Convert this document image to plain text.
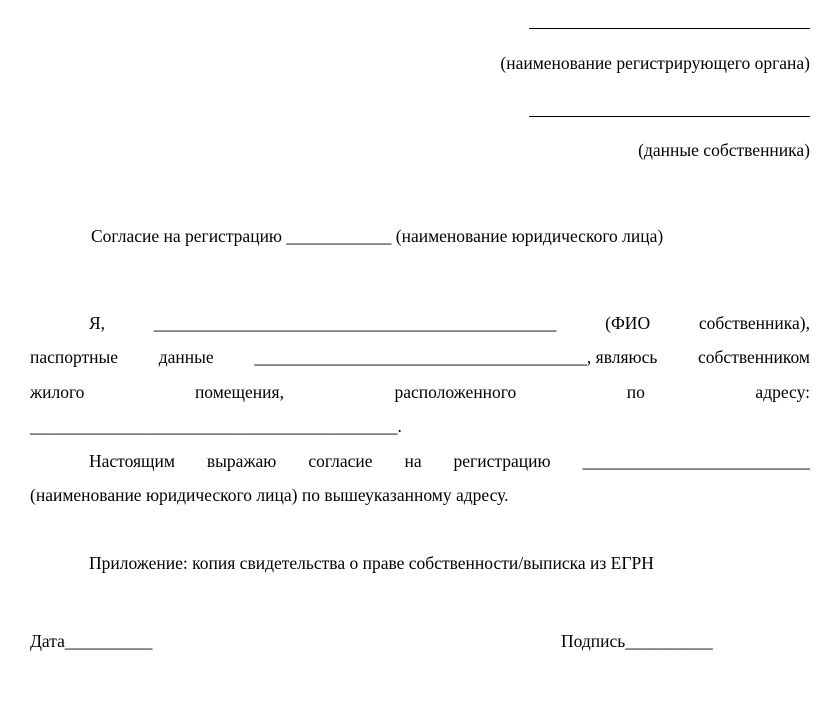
(наименование регистрирующего органа)
(данные собственника)
Согласие на регистрацию ____________ (наименование юридического лица)
Я,	______________________________________________	(ФИО	собственника),
паспортные данные ______________________________________, являюсь собственником
жилого	помещения,	расположенного	по	адресу:
__________________________________________.
Настоящим выражаю согласие на регистрацию __________________________
(наименование юридического лица) по вышеуказанному адресу.
Приложение: копия свидетельства о праве собственности/выписка из ЕГРН
Дата__________	Подпись__________
